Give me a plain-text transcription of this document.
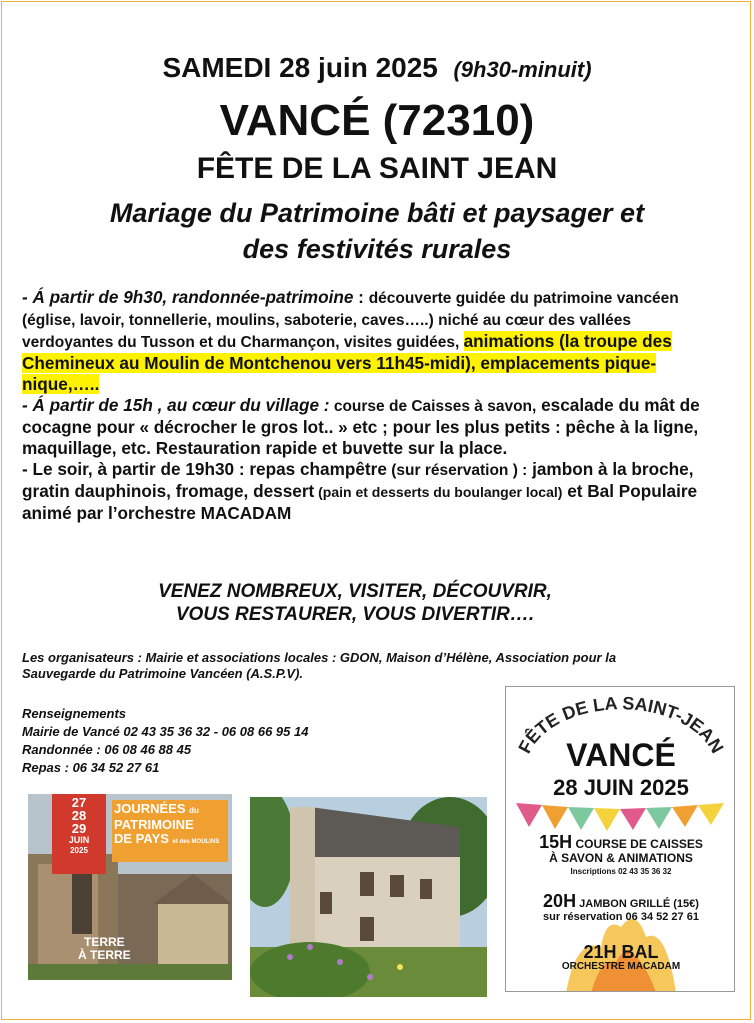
SAMEDI 28 juin 2025 (9h30-minuit)
VANCÉ (72310)
FÊTE DE LA SAINT JEAN
Mariage du Patrimoine bâti et paysager et
des festivités rurales
- Á partir de 9h30, randonnée-patrimoine : découverte guidée du patrimoine vancéen (église, lavoir, tonnellerie, moulins, saboterie, caves…..) niché au cœur des vallées verdoyantes du Tusson et du Charmançon, visites guidées, animations (la troupe des Chemineux au Moulin de Montchenou vers 11h45-midi), emplacements pique-nique,…..
- Á partir de 15h , au cœur du village : course de Caisses à savon, escalade du mât de cocagne pour « décrocher le gros lot.. » etc ; pour les plus petits : pêche à la ligne, maquillage, etc. Restauration rapide et buvette sur la place.
- Le soir, à partir de 19h30 : repas champêtre (sur réservation ) : jambon à la broche, gratin dauphinois, fromage, dessert (pain et desserts du boulanger local) et Bal Populaire animé par l’orchestre MACADAM
VENEZ NOMBREUX, VISITER, DÉCOUVRIR,
VOUS RESTAURER, VOUS DIVERTIR….
Les organisateurs : Mairie et associations locales : GDON, Maison d’Hélène, Association pour la Sauvegarde du Patrimoine Vancéen (A.S.P.V).
Renseignements
Mairie de Vancé 02 43 35 36 32 - 06 08 66 95 14
Randonnée : 06 08 46 88 45
Repas : 06 34 52 27 61
27
28
29
JUIN
2025
JOURNÉES du
PATRIMOINE
DE PAYS et des MOULINS
TERRE
À TERRE
FÊTE DE LA SAINT-JEAN
VANCÉ
28 JUIN 2025
15H COURSE DE CAISSES
À SAVON & ANIMATIONS
Inscriptions 02 43 35 36 32
20H JAMBON GRILLÉ (15€)
sur réservation 06 34 52 27 61
21H BAL
ORCHESTRE MACADAM
